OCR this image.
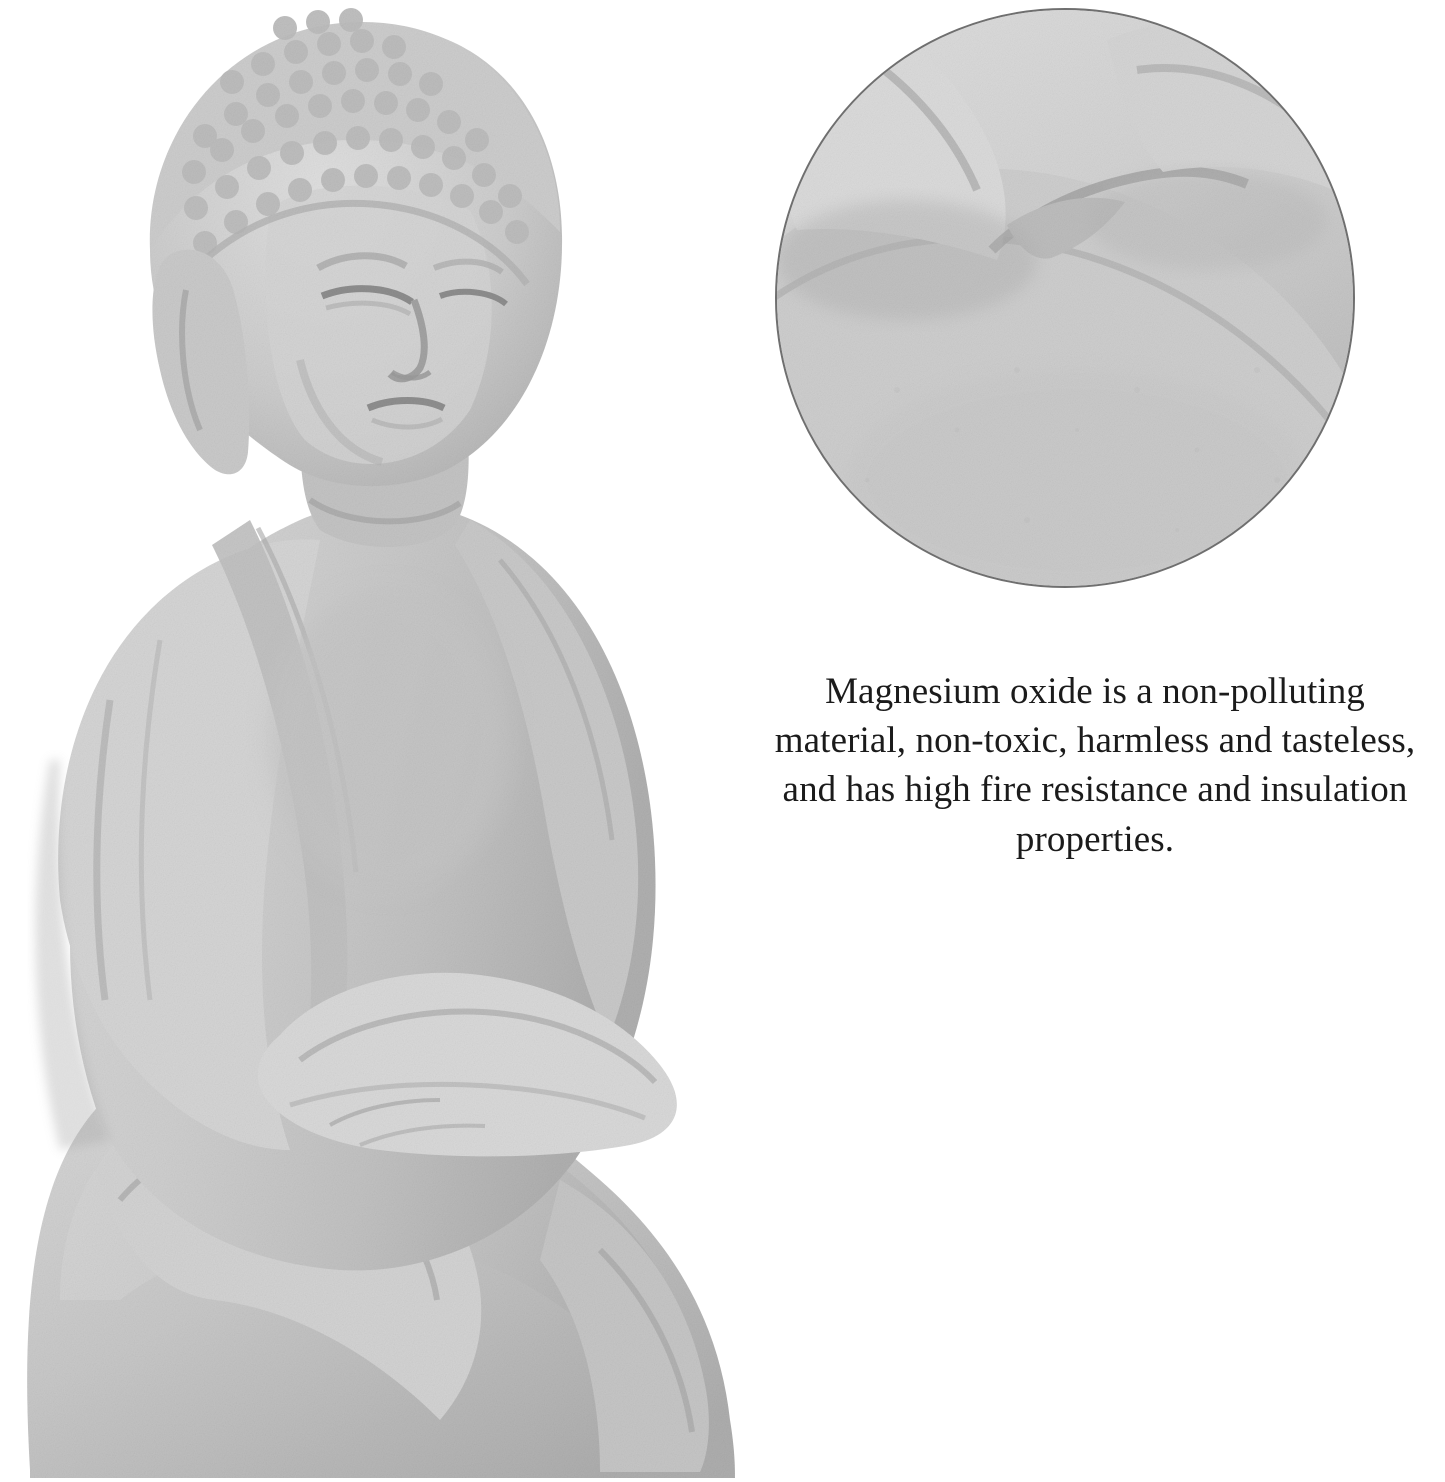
Magnesium oxide is a non-polluting material, non-toxic, harmless and tasteless, and has high fire resistance and insulation properties.
